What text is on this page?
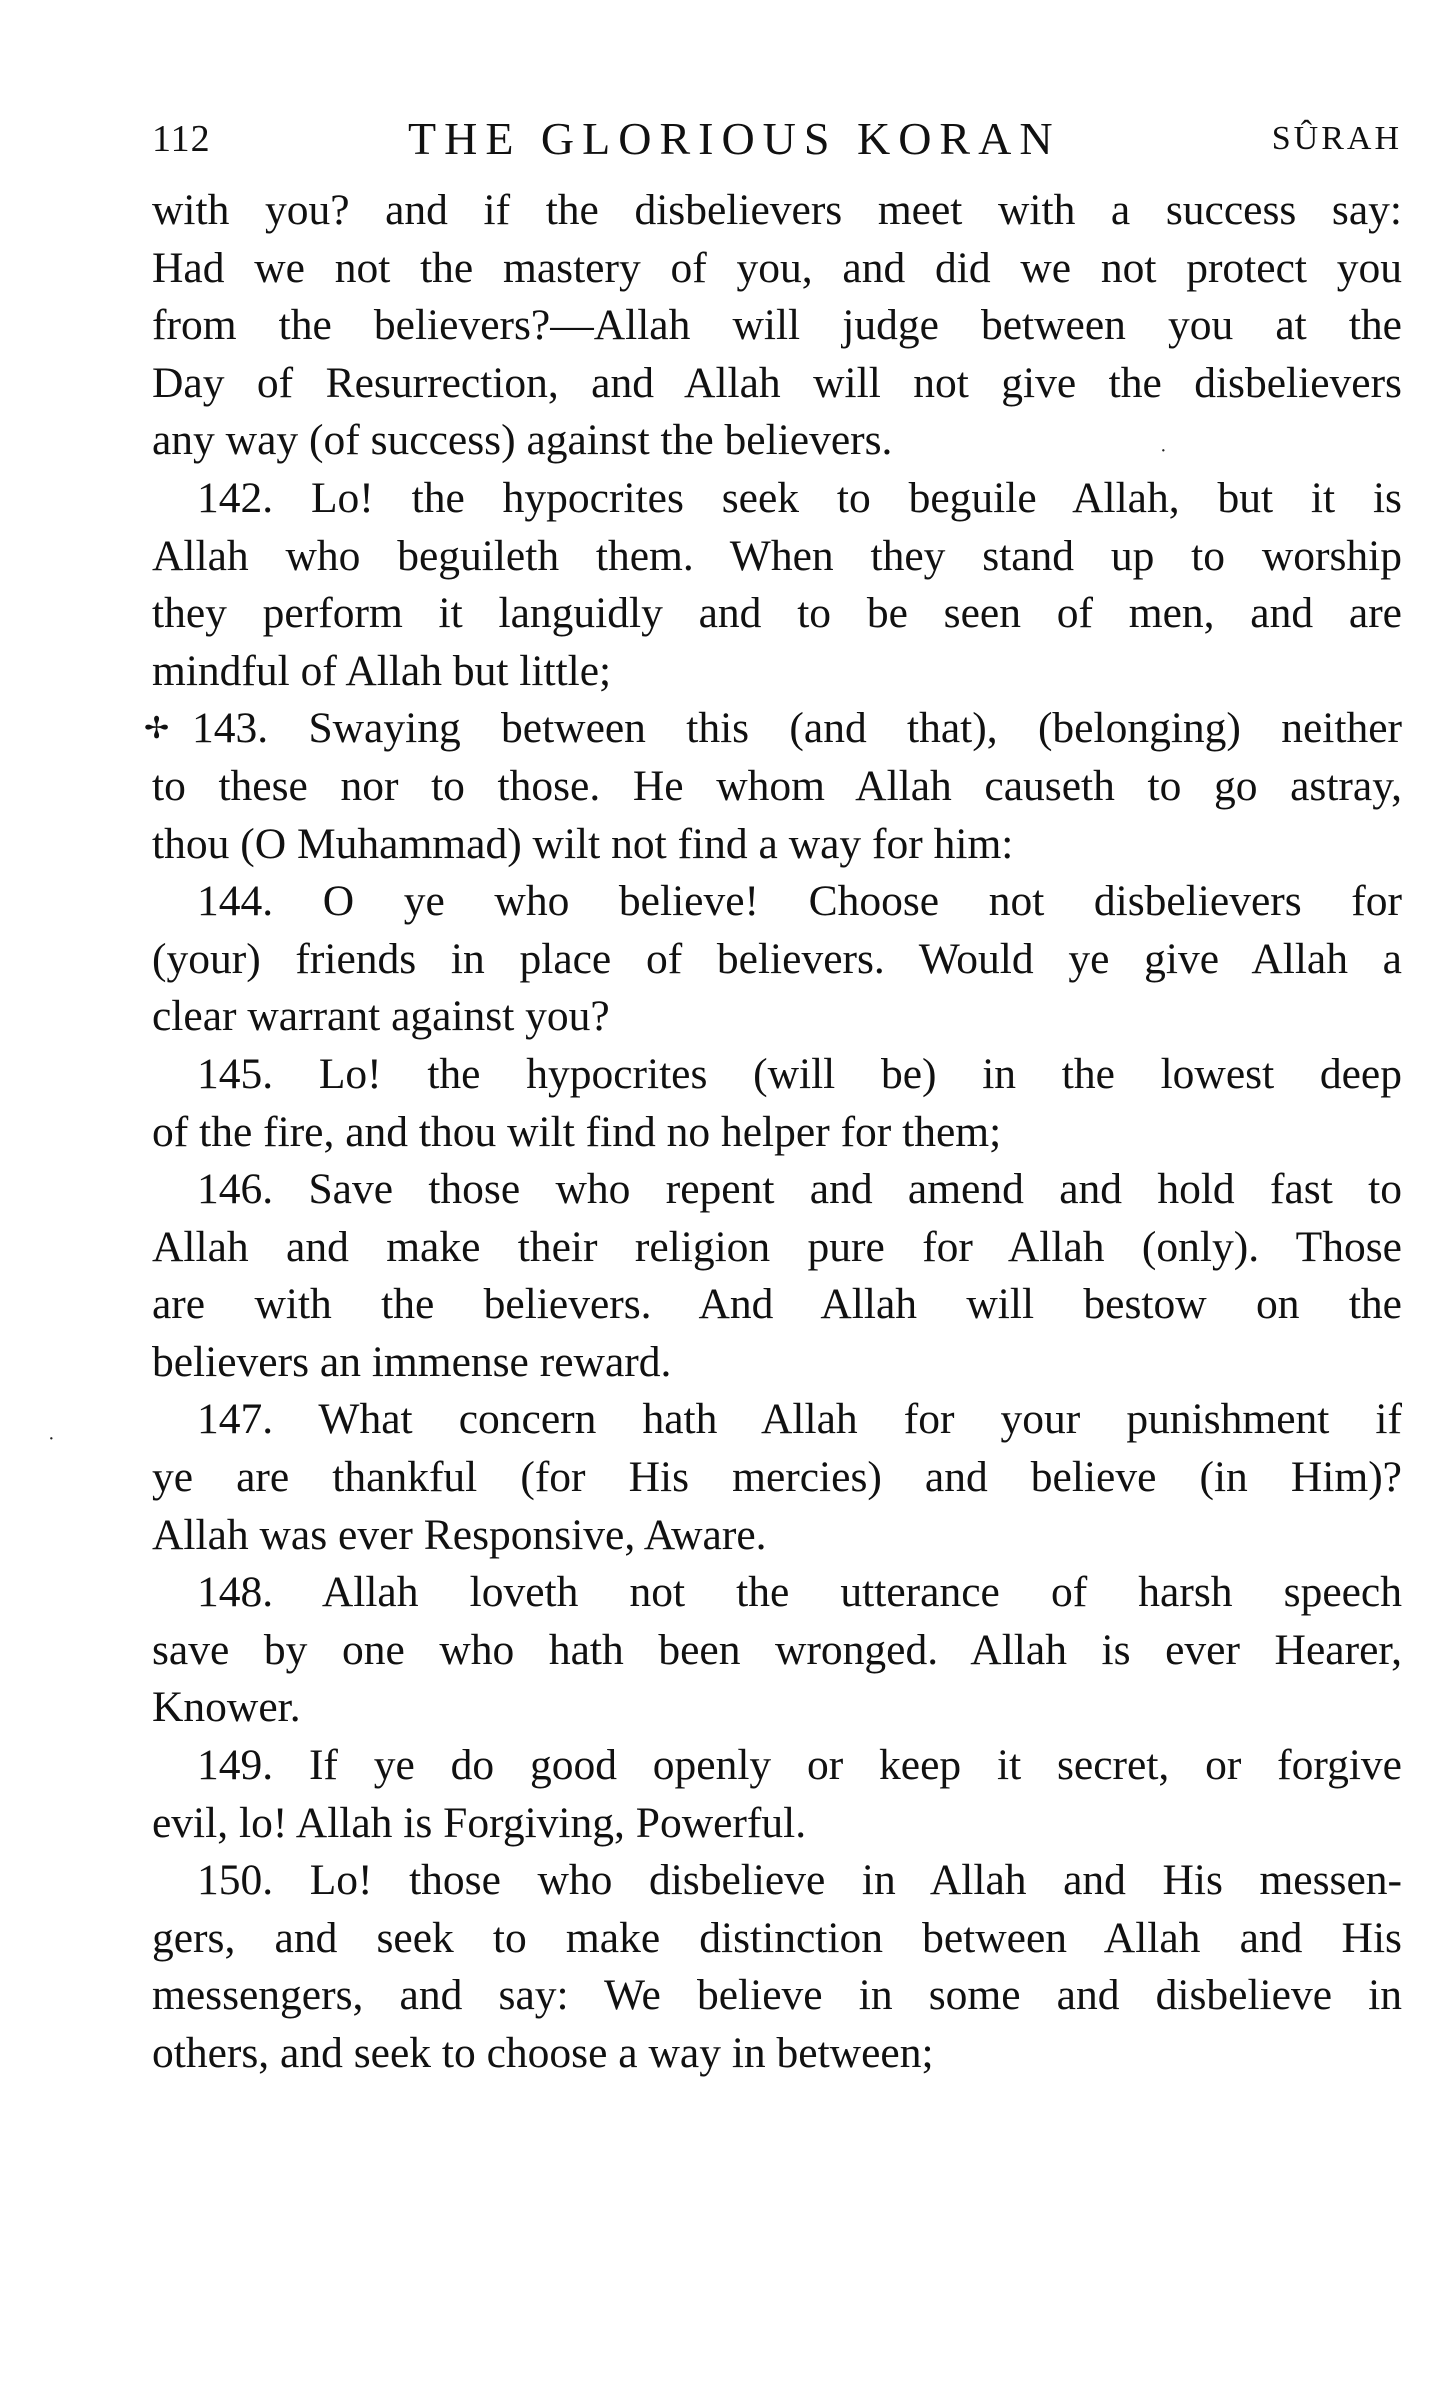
112	THE GLORIOUS KORAN	SÛRAH
with you? and if the disbelievers meet with a success say:
Had we not the mastery of you, and did we not protect you
from the believers?—Allah will judge between you at the
Day of Resurrection, and Allah will not give the disbelievers
any way (of success) against the believers.
142. Lo! the hypocrites seek to beguile Allah, but it is
Allah who beguileth them. When they stand up to worship
they perform it languidly and to be seen of men, and are
mindful of Allah but little;
✢ 143. Swaying between this (and that), (belonging) neither
to these nor to those. He whom Allah causeth to go astray,
thou (O Muhammad) wilt not find a way for him:
144. O ye who believe! Choose not disbelievers for
(your) friends in place of believers. Would ye give Allah a
clear warrant against you?
145. Lo! the hypocrites (will be) in the lowest deep
of the fire, and thou wilt find no helper for them;
146. Save those who repent and amend and hold fast to
Allah and make their religion pure for Allah (only). Those
are with the believers. And Allah will bestow on the
believers an immense reward.
147. What concern hath Allah for your punishment if
ye are thankful (for His mercies) and believe (in Him)?
Allah was ever Responsive, Aware.
148. Allah loveth not the utterance of harsh speech
save by one who hath been wronged. Allah is ever Hearer,
Knower.
149. If ye do good openly or keep it secret, or forgive
evil, lo! Allah is Forgiving, Powerful.
150. Lo! those who disbelieve in Allah and His messen-
gers, and seek to make distinction between Allah and His
messengers, and say: We believe in some and disbelieve in
others, and seek to choose a way in between;
·
·
